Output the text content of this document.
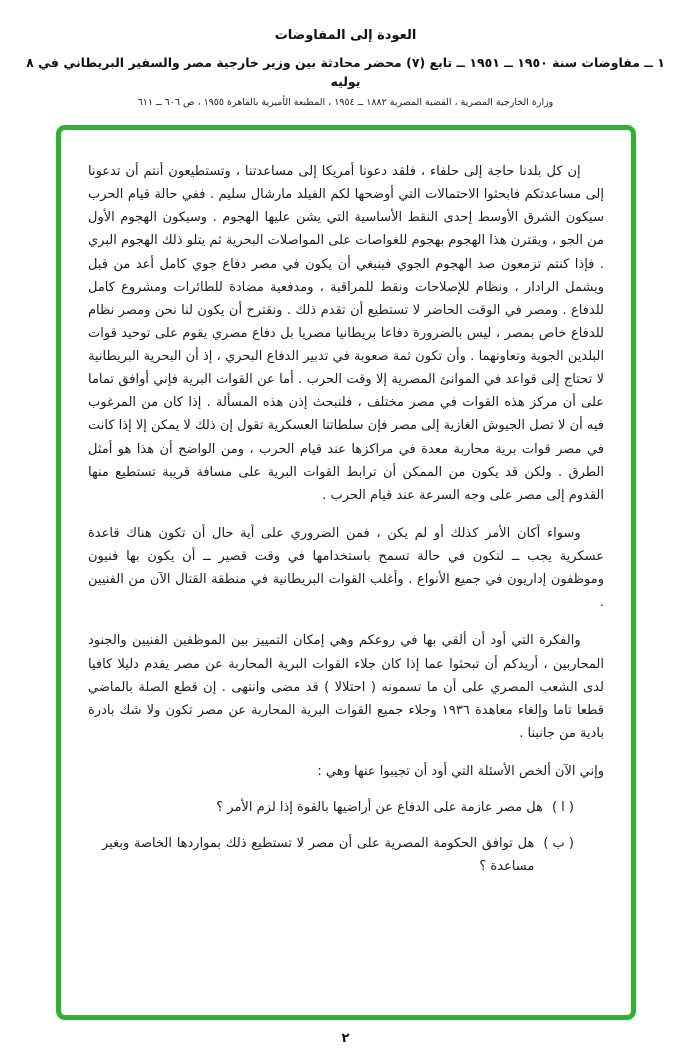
العودة إلى المفاوضات
١ ــ مفاوضات سنة ١٩٥٠ ــ ١٩٥١ ــ تابع (٧) محضر محادثة بين وزير خارجية مصر والسفير البريطاني في ٨ يوليه
وزارة الخارجية المصرية ، القضية المصرية ١٨٨٢ ــ ١٩٥٤ ، المطبعة الأميرية بالقاهرة ١٩٥٥ ، ص ٦٠٦ ــ ٦١١

إن كل بلدنا حاجة إلى حلفاء ، فلقد دعونا أمريكا إلى مساعدتنا ، وتستطيعون أنتم أن تدعونا إلى مساعدتكم فابحثوا الاحتمالات التي أوضحها لكم الفيلد مارشال سليم . ففي حالة قيام الحرب سيكون الشرق الأوسط إحدى النقط الأساسية التي يشن عليها الهجوم . وسيكون الهجوم الأول من الجو ، ويقترن هذا الهجوم بهجوم للغواصات على المواصلات البحرية ثم يتلو ذلك الهجوم البري . فإذا كنتم تزمعون صد الهجوم الجوي فينبغي أن يكون في مصر دفاع جوي كامل أعد من قبل ويشمل الرادار ، ونظام للإصلاحات ونقط للمراقبة ، ومدفعية مضادة للطائرات ومشروع كامل للدفاع . ومصر في الوقت الحاضر لا تستطيع أن تقدم ذلك . ونقترح أن يكون لنا نحن ومصر نظام للدفاع خاص بمصر ، ليس بالضرورة دفاعا بريطانيا مصريا بل دفاع مصري يقوم على توحيد قوات البلدين الجوية وتعاونهما . وأن تكون ثمة صعوبة في تدبير الدفاع البحري ، إذ أن البحرية البريطانية لا تحتاج إلى قواعد في الموانئ المصرية إلا وقت الحرب . أما عن القوات البرية فإني أوافق تماما على أن مركز هذه القوات في مصر مختلف ، فلنبحث إذن هذه المسألة . إذا كان من المرغوب فيه أن لا تصل الجيوش الغازية إلى مصر فإن سلطاتنا العسكرية تقول إن ذلك لا يمكن إلا إذا كانت في مصر قوات برية محاربة معدة في مراكزها عند قيام الحرب ، ومن الواضح أن هذا هو أمثل الطرق . ولكن قد يكون من الممكن أن ترابط القوات البرية على مسافة قريبة تستطيع منها القدوم إلى مصر على وجه السرعة عند قيام الحرب .

وسواء أكان الأمر كذلك أو لم يكن ، فمن الضروري على أية حال أن تكون هناك قاعدة عسكرية يجب ــ لتكون في حالة تسمح باستخدامها في وقت قصير ــ أن يكون بها فنيون وموظفون إداريون في جميع الأنواع . وأغلب القوات البريطانية في منطقة القتال الآن من الفنيين .

والفكرة التي أود أن ألقي بها في روعكم وهي إمكان التمييز بين الموظفين الفنيين والجنود المحاربين ، أريدكم أن تبحثوا عما إذا كان جلاء القوات البرية المحاربة عن مصر يقدم دليلا كافيا لدى الشعب المصري على أن ما تسمونه ( احتلالا ) قد مضى وانتهى . إن قطع الصلة بالماضي قطعا تاما وإلغاء معاهدة ١٩٣٦ وجلاء جميع القوات البرية المحاربة عن مصر تكون ولا شك بادرة بادية من جانبنا .

وإني الآن ألخص الأسئلة التي أود أن تجيبوا عنها وهي :

( ا )
هل مصر عازمة على الدفاع عن أراضيها بالقوة إذا لزم الأمر ؟
( ب )
هل توافق الحكومة المصرية على أن مصر لا تستطيع ذلك بمواردها الخاصة وبغير مساعدة ؟
٢
